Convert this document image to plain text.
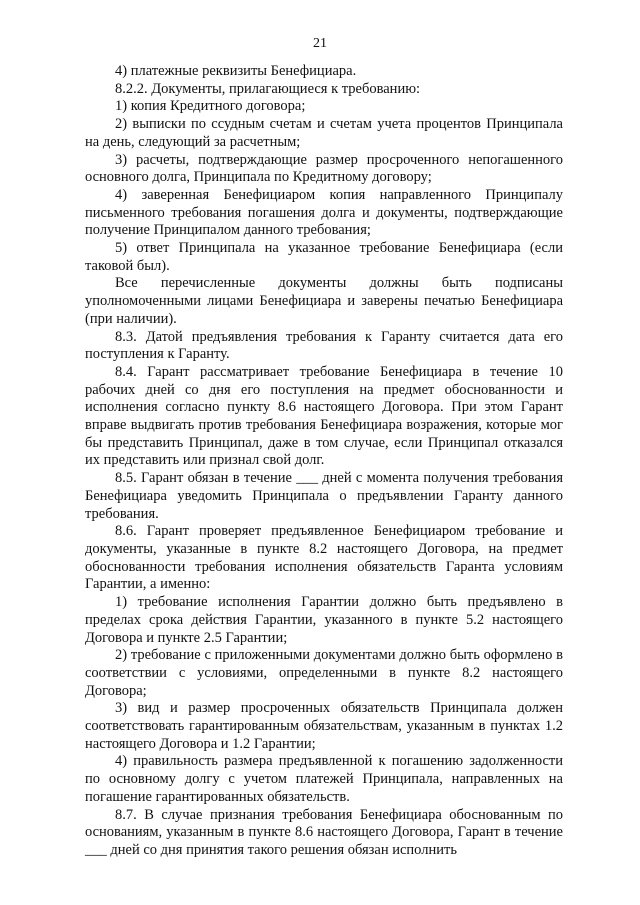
21

4) платежные реквизиты Бенефициара.

8.2.2. Документы, прилагающиеся к требованию:

1) копия Кредитного договора;

2) выписки по ссудным счетам и счетам учета процентов Принципала на день, следующий за расчетным;

3) расчеты, подтверждающие размер просроченного непогашенного основного долга, Принципала по Кредитному договору;

4) заверенная Бенефициаром копия направленного Принципалу письменного требования погашения долга и документы, подтверждающие получение Принципалом данного требования;

5) ответ Принципала на указанное требование Бенефициара (если таковой был).

Все перечисленные документы должны быть подписаны уполномоченными лицами Бенефициара и заверены печатью Бенефициара (при наличии).

8.3. Датой предъявления требования к Гаранту считается дата его поступления к Гаранту.

8.4. Гарант рассматривает требование Бенефициара в течение 10 рабочих дней со дня его поступления на предмет обоснованности и исполнения согласно пункту 8.6 настоящего Договора. При этом Гарант вправе выдвигать против требования Бенефициара возражения, которые мог бы представить Принципал, даже в том случае, если Принципал отказался их представить или признал свой долг.

8.5. Гарант обязан в течение ___ дней с момента получения требования Бенефициара уведомить Принципала о предъявлении Гаранту данного требования.

8.6. Гарант проверяет предъявленное Бенефициаром требование и документы, указанные в пункте 8.2 настоящего Договора, на предмет обоснованности требования исполнения обязательств Гаранта условиям Гарантии, а именно:

1) требование исполнения Гарантии должно быть предъявлено в пределах срока действия Гарантии, указанного в пункте 5.2 настоящего Договора и пункте 2.5 Гарантии;

2) требование с приложенными документами должно быть оформлено в соответствии с условиями, определенными в пункте 8.2 настоящего Договора;

3) вид и размер просроченных обязательств Принципала должен соответствовать гарантированным обязательствам, указанным в пунктах 1.2 настоящего Договора и 1.2 Гарантии;

4) правильность размера предъявленной к погашению задолженности по основному долгу с учетом платежей Принципала, направленных на погашение гарантированных обязательств.

8.7. В случае признания требования Бенефициара обоснованным по основаниям, указанным в пункте 8.6 настоящего Договора, Гарант в течение ___ дней со дня принятия такого решения обязан исполнить
